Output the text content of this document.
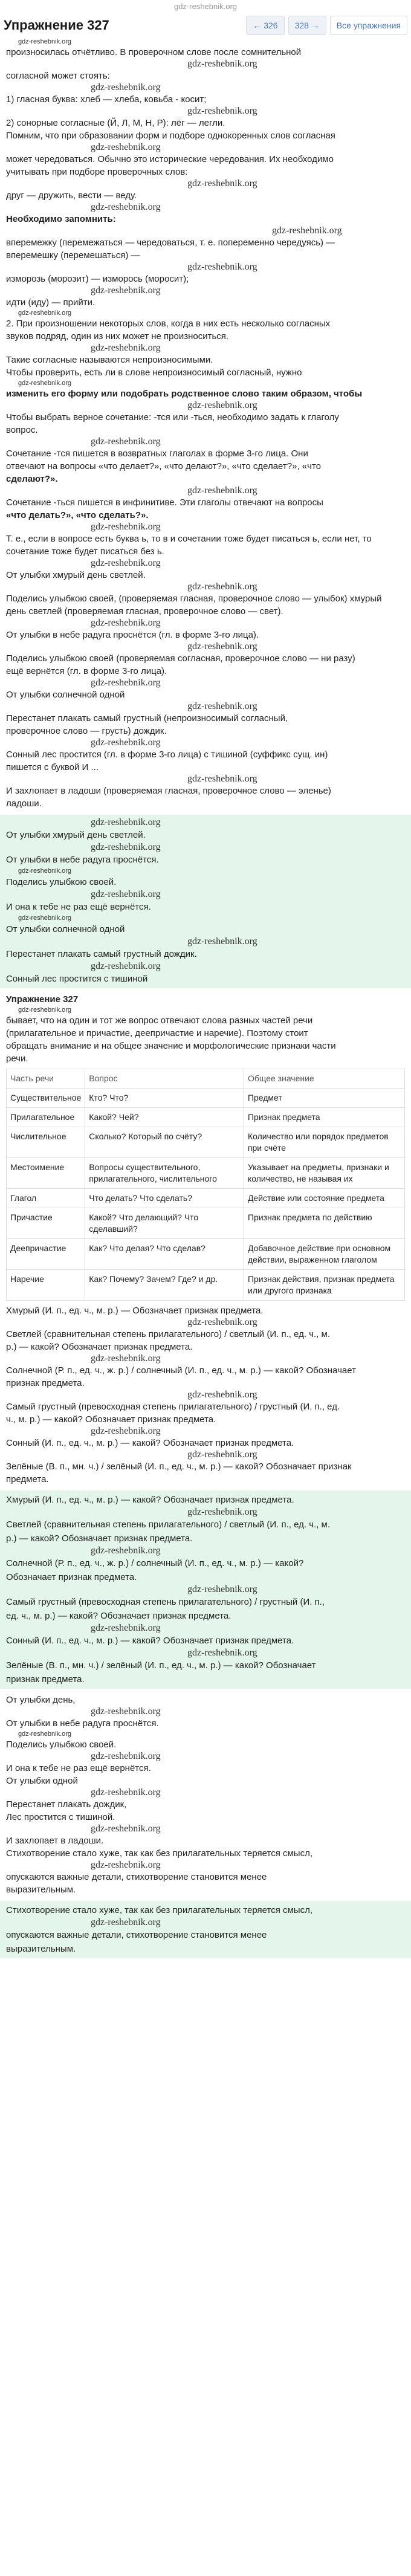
gdz-reshebnik.org
Упражнение 327	← 326	328 →	Все упражнения
gdz-reshebnik.org

произносилась отчётливо. В проверочном слове после сомнительной

gdz-reshebnik.org

согласной может стоять:

gdz-reshebnik.org

1) гласная буква: хлеб — хлеба, ковьба - косит;

gdz-reshebnik.org

2) сонорные согласные (Й, Л, М, Н, Р): лёг — легли.

Помним, что при образовании форм и подборе однокоренных слов согласная

gdz-reshebnik.org

может чередоваться. Обычно это исторические чередования. Их необходимо

учитывать при подборе проверочных слов:

gdz-reshebnik.org

друг — дружить, вести — веду.

gdz-reshebnik.org

Необходимо запомнить:

gdz-reshebnik.org

вперемежку (перемежаться — чередоваться, т. е. попеременно чередуясь) —

вперемешку (перемешаться) —

gdz-reshebnik.org

изморозь (морозит) — изморось (моросит);

gdz-reshebnik.org

идти (иду) — прийти.

gdz-reshebnik.org

2. При произношении некоторых слов, когда в них есть несколько согласных

звуков подряд, один из них может не произноситься.

gdz-reshebnik.org

Такие согласные называются непроизносимыми.

Чтобы проверить, есть ли в слове непроизносимый согласный, нужно

gdz-reshebnik.org

изменить его форму или подобрать родственное слово таким образом, чтобы

gdz-reshebnik.org

Чтобы выбрать верное сочетание: -тся или -ться, необходимо задать к глаголу

вопрос.

gdz-reshebnik.org

Сочетание -тся пишется в возвратных глаголах в форме 3-го лица. Они

отвечают на вопросы «что делает?», «что делают?», «что сделает?», «что

сделают?».

gdz-reshebnik.org

Сочетание -ться пишется в инфинитиве. Эти глаголы отвечают на вопросы

«что делать?», «что сделать?».

gdz-reshebnik.org

Т. е., если в вопросе есть буква ь, то в и сочетании тоже будет писаться ь, если нет, то сочетание тоже будет писаться без ь.

gdz-reshebnik.org

От улыбки хмурый день светлей.

gdz-reshebnik.org

Поделись улыбкою своей, (проверяемая гласная, проверочное слово — улыбок) хмурый

день светлей (проверяемая гласная, проверочное слово — свет).

gdz-reshebnik.org

От улыбки в небе радуга проснётся (гл. в форме 3-го лица).

gdz-reshebnik.org

Поделись улыбкою своей (проверяемая согласная, проверочное слово — ни разу)

ещё вернётся (гл. в форме 3-го лица).

gdz-reshebnik.org

От улыбки солнечной одной

gdz-reshebnik.org

Перестанет плакать самый грустный (непроизносимый согласный,

проверочное слово — грусть) дождик.

gdz-reshebnik.org

Сонный лес простится (гл. в форме 3-го лица) с тишиной (суффикс сущ. ин)

пишется с буквой И ...

gdz-reshebnik.org

И захлопает в ладоши (проверяемая гласная, проверочное слово — эленье)

ладоши.

gdz-reshebnik.org

От улыбки хмурый день светлей.

gdz-reshebnik.org

От улыбки в небе радуга проснётся.

gdz-reshebnik.org

Поделись улыбкою своей.

gdz-reshebnik.org

И она к тебе не раз ещё вернётся.

gdz-reshebnik.org

От улыбки солнечной одной

gdz-reshebnik.org

Перестанет плакать самый грустный дождик.

gdz-reshebnik.org

Сонный лес простится с тишиной

Упражнение 327

gdz-reshebnik.org

бывает, что на один и тот же вопрос отвечают слова разных частей речи

(прилагательное и причастие, деепричастие и наречие). Поэтому стоит

обращать внимание и на общее значение и морфологические признаки части

речи.

Часть речи	Вопрос	Общее значение
Существительное	Кто? Что?	Предмет
Прилагательное	Какой? Чей?	Признак предмета
Числительное	Сколько? Который по счёту?	Количество или порядок предметов при счёте
Местоимение	Вопросы существительного, прилагательного, числительного	Указывает на предметы, признаки и количество, не называя их
Глагол	Что делать? Что сделать?	Действие или состояние предмета
Причастие	Какой? Что делающий? Что сделавший?	Признак предмета по действию
Деепричастие	Как? Что делая? Что сделав?	Добавочное действие при основном действии, выраженном глаголом
Наречие	Как? Почему? Зачем? Где? и др.	Признак действия, признак предмета или другого признака

Хмурый (И. п., ед. ч., м. р.) — Обозначает признак предмета.

gdz-reshebnik.org

Светлей (сравнительная степень прилагательного) / светлый (И. п., ед. ч., м.

р.) — какой? Обозначает признак предмета.

gdz-reshebnik.org

Солнечной (Р. п., ед. ч., ж. р.) / солнечный (И. п., ед. ч., м. р.) — какой? Обозначает

признак предмета.

gdz-reshebnik.org

Самый грустный (превосходная степень прилагательного) / грустный (И. п., ед.

ч., м. р.) — какой? Обозначает признак предмета.

gdz-reshebnik.org

Сонный (И. п., ед. ч., м. р.) — какой? Обозначает признак предмета.

gdz-reshebnik.org

Зелёные (В. п., мн. ч.) / зелёный (И. п., ед. ч., м. р.) — какой? Обозначает признак

предмета.

Хмурый (И. п., ед. ч., м. р.) — какой? Обозначает признак предмета.

gdz-reshebnik.org

Светлей (сравнительная степень прилагательного) / светлый (И. п., ед. ч., м.

р.) — какой? Обозначает признак предмета.

gdz-reshebnik.org

Солнечной (Р. п., ед. ч., ж. р.) / солнечный (И. п., ед. ч., м. р.) — какой?

Обозначает признак предмета.

gdz-reshebnik.org

Самый грустный (превосходная степень прилагательного) / грустный (И. п.,

ед. ч., м. р.) — какой? Обозначает признак предмета.

gdz-reshebnik.org

Сонный (И. п., ед. ч., м. р.) — какой? Обозначает признак предмета.

gdz-reshebnik.org

Зелёные (В. п., мн. ч.) / зелёный (И. п., ед. ч., м. р.) — какой? Обозначает

признак предмета.

От улыбки день,

gdz-reshebnik.org

От улыбки в небе радуга проснётся.

gdz-reshebnik.org

Поделись улыбкою своей.

gdz-reshebnik.org

И она к тебе не раз ещё вернётся.

От улыбки одной

gdz-reshebnik.org

Перестанет плакать дождик,

Лес простится с тишиной.

gdz-reshebnik.org

И захлопает в ладоши.

Стихотворение стало хуже, так как без прилагательных теряется смысл,

gdz-reshebnik.org

опускаются важные детали, стихотворение становится менее

выразительным.

Стихотворение стало хуже, так как без прилагательных теряется смысл,

gdz-reshebnik.org

опускаются важные детали, стихотворение становится менее

выразительным.
